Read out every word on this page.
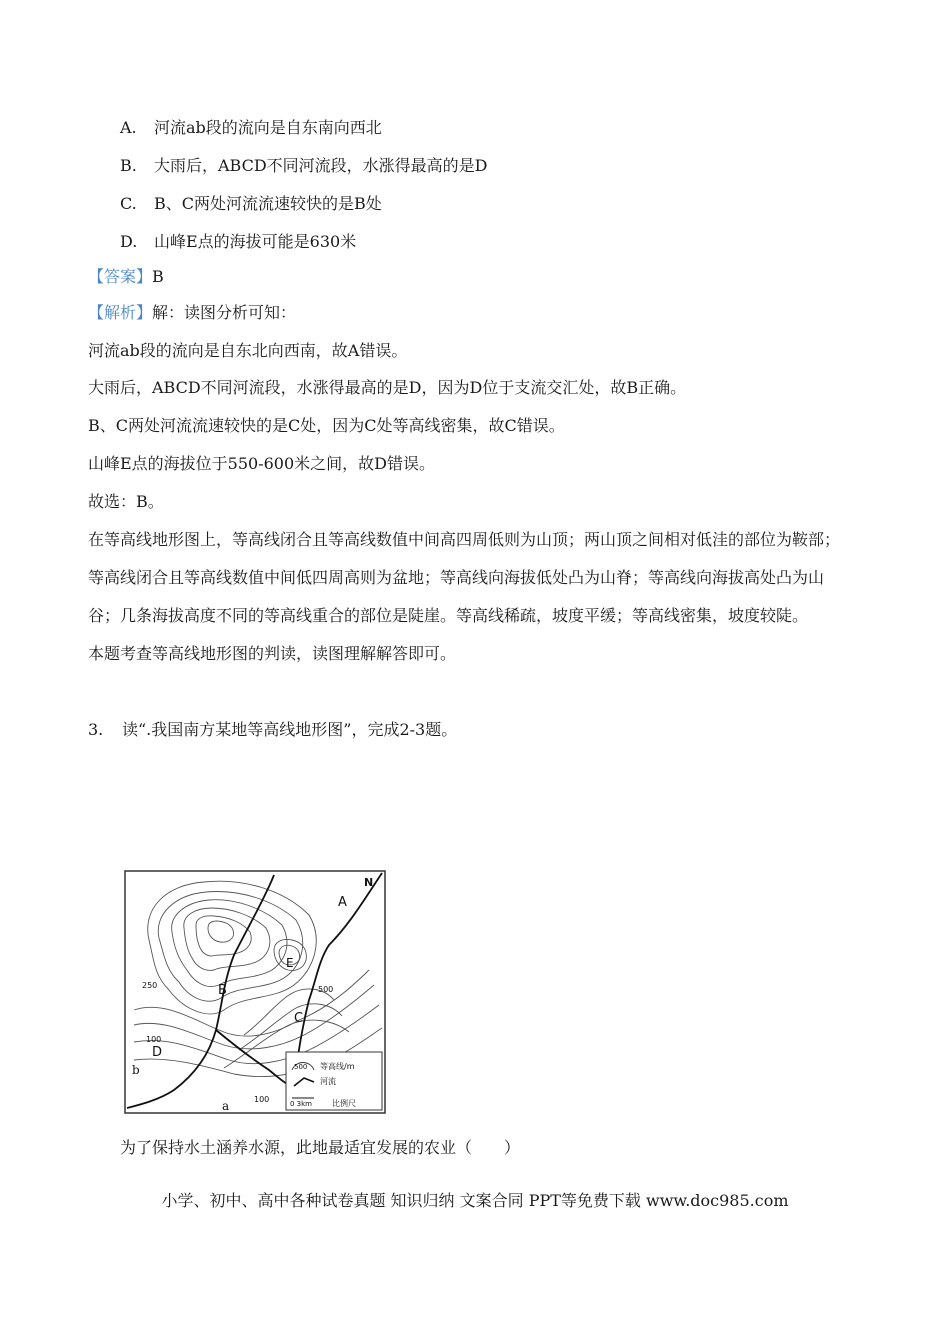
A. 河流ab段的流向是自东南向西北
B. 大雨后，ABCD不同河流段，水涨得最高的是D
C. B、C两处河流流速较快的是B处
D. 山峰E点的海拔可能是630米
【答案】B
【解析】解：读图分析可知：
河流ab段的流向是自东北向西南，故A错误。
大雨后，ABCD不同河流段，水涨得最高的是D，因为D位于支流交汇处，故B正确。
B、C两处河流流速较快的是C处，因为C处等高线密集，故C错误。
山峰E点的海拔位于550-600米之间，故D错误。
故选：B。
在等高线地形图上，等高线闭合且等高线数值中间高四周低则为山顶；两山顶之间相对低洼的部位为鞍部；
等高线闭合且等高线数值中间低四周高则为盆地；等高线向海拔低处凸为山脊；等高线向海拔高处凸为山
谷；几条海拔高度不同的等高线重合的部位是陡崖。等高线稀疏，坡度平缓；等高线密集，坡度较陡。
本题考查等高线地形图的判读，读图理解解答即可。
3. 读“.我国南方某地等高线地形图”，完成2-3题。
N
A
E
B
C
D
b
a
250	500
100
100
500 等高线/m
河流
0 3km 比例尺
为了保持水土涵养水源，此地最适宜发展的农业（　　）
小学、初中、高中各种试卷真题 知识归纳 文案合同 PPT等免费下载 www.doc985.com
